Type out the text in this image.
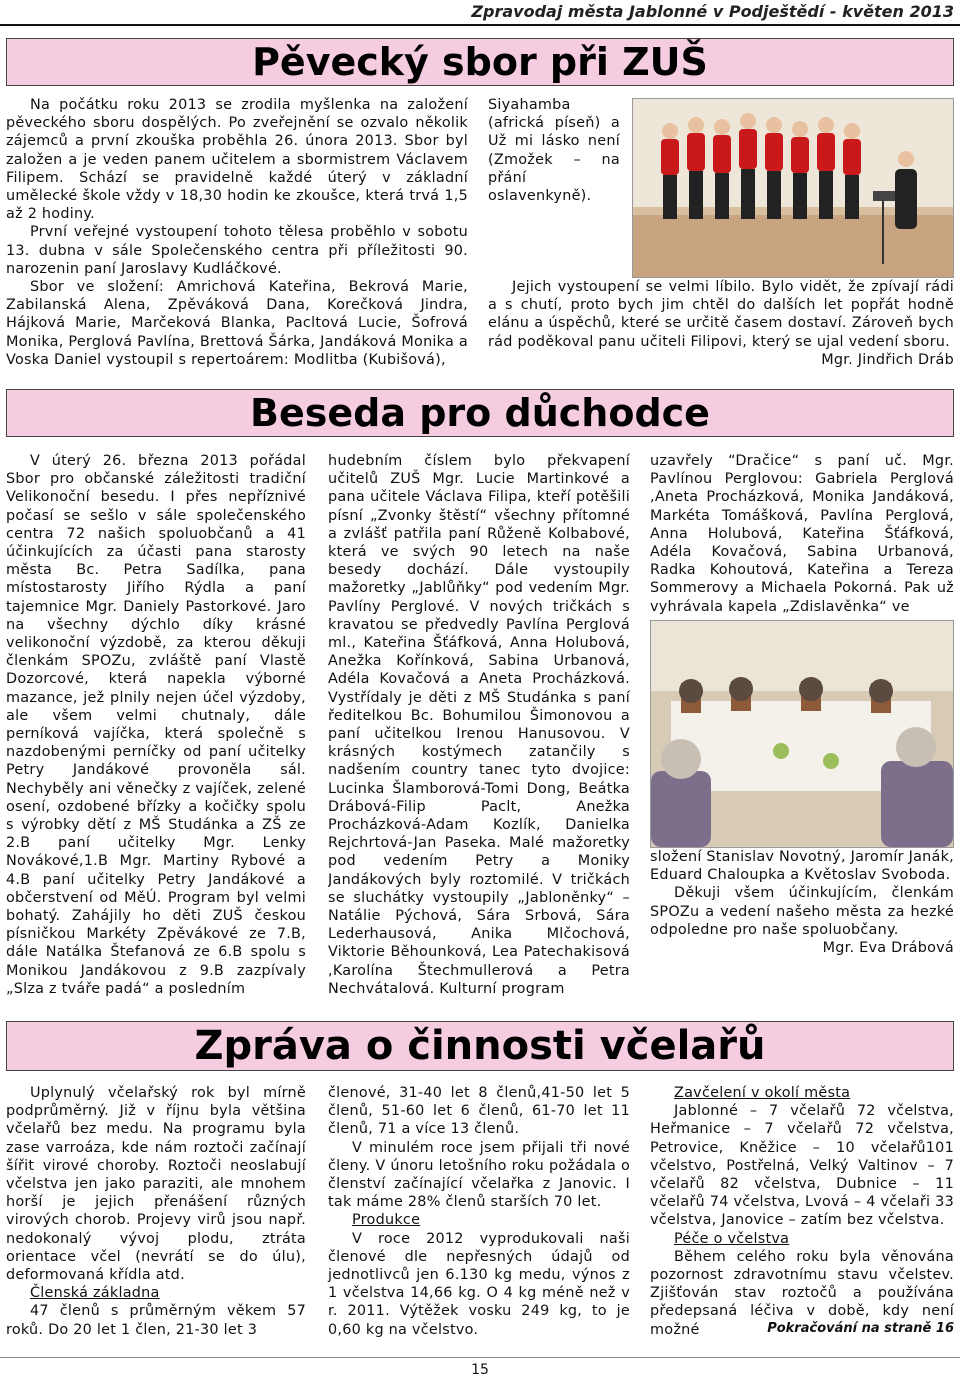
Zpravodaj města Jablonné v Podještědí - květen 2013
Pěvecký sbor při ZUŠ

Na počátku roku 2013 se zrodila myšlenka na založení pěveckého sboru dospělých. Po zveřejnění se ozvalo několik zájemců a první zkouška proběhla 26. února 2013. Sbor byl založen a je veden panem učitelem a sbormistrem Václavem Filipem. Schází se pravidelně každé úterý v základní umělecké škole vždy v 18,30 hodin ke zkoušce, která trvá 1,5 až 2 hodiny.

První veřejné vystoupení tohoto tělesa proběhlo v sobotu 13. dubna v sále Společenského centra při příležitosti 90. narozenin paní Jaroslavy Kudláčkové.

Sbor ve složení: Amrichová Kateřina, Bekrová Marie, Zabilanská Alena, Zpěváková Dana, Korečková Jindra, Hájková Marie, Marčeková Blanka, Pacltová Lucie, Šofrová Monika, Perglová Pavlína, Brettová Šárka, Jandáková Monika a Voska Daniel vystoupil s repertoárem: Modlitba (Kubišová),

Siyahamba (africká píseň) a Už mi lásko není (Zmožek – na přání oslavenkyně).

Jejich vystoupení se velmi líbilo. Bylo vidět, že zpívají rádi a s chutí, proto bych jim chtěl do dalších let popřát hodně elánu a úspěchů, které se určitě časem dostaví. Zároveň bych rád poděkoval panu učiteli Filipovi, který se ujal vedení sboru.

Mgr. Jindřich Dráb

Beseda pro důchodce

V úterý 26. března 2013 pořádal Sbor pro občanské záležitosti tradiční Velikonoční besedu. I přes nepříznivé počasí se sešlo v sále společenského centra 72 našich spoluobčanů a 41 účinkujících za účasti pana starosty města Bc. Petra Sadílka, pana místostarosty Jiřího Rýdla a paní tajemnice Mgr. Daniely Pastorkové. Jaro na všechny dýchlo díky krásné velikonoční výzdobě, za kterou děkuji členkám SPOZu, zvláště paní Vlastě Dozorcové, která napekla výborné mazance, jež plnily nejen účel výzdoby, ale všem velmi chutnaly, dále perníková vajíčka, která společně s nazdobenými perníčky od paní učitelky Petry Jandákové provoněla sál. Nechyběly ani věnečky z vajíček, zelené osení, ozdobené břízky a kočičky spolu s výrobky dětí z MŠ Studánka a ZŠ ze 2.B paní učitelky Mgr. Lenky Novákové,1.B Mgr. Martiny Rybové a 4.B paní učitelky Petry Jandákové a občerstvení od MěÚ. Program byl velmi bohatý. Zahájily ho děti ZUŠ českou písničkou Markéty Zpěvákové ze 7.B, dále Natálka Štefanová ze 6.B spolu s Monikou Jandákovou z 9.B zazpívaly „Slza z tváře padá“ a posledním

hudebním číslem bylo překvapení učitelů ZUŠ Mgr. Lucie Martinkové a pana učitele Václava Filipa, kteří potěšili písní „Zvonky štěstí“ všechny přítomné a zvlášť patřila paní Růženě Kolbabové, která ve svých 90 letech na naše besedy dochází. Dále vystoupily mažoretky „Jablůňky“ pod vedením Mgr. Pavlíny Perglové. V nových tričkách s kravatou se předvedly Pavlína Perglová ml., Kateřina Šťáfková, Anna Holubová, Anežka Kořínková, Sabina Urbanová, Adéla Kovačová a Aneta Procházková. Vystřídaly je děti z MŠ Studánka s paní ředitelkou Bc. Bohumilou Šimonovou a paní učitelkou Irenou Hanusovou. V krásných kostýmech zatančily s nadšením country tanec tyto dvojice: Lucinka Šlamborová-Tomi Dong, Beátka Drábová-Filip Paclt, Anežka Procházková-Adam Kozlík, Danielka Rejchrtová-Jan Paseka. Malé mažoretky pod vedením Petry a Moniky Jandákových byly roztomilé. V tričkách se sluchátky vystoupily „Jabloněnky“ – Natálie Pýchová, Sára Srbová, Sára Lederhausová, Anika Mlčochová, Viktorie Běhounková, Lea Patechakisová ,Karolína Štechmullerová a Petra Nechvátalová. Kulturní program

uzavřely “Dračice“ s paní uč. Mgr. Pavlínou Perglovou: Gabriela Perglová ,Aneta Procházková, Monika Jandáková, Markéta Tomášková, Pavlína Perglová, Anna Holubová, Kateřina Šťáfková, Adéla Kovačová, Sabina Urbanová, Radka Kohoutová, Kateřina a Tereza Sommerovy a Michaela Pokorná. Pak už vyhrávala kapela „Zdislavěnka“ ve

složení Stanislav Novotný, Jaromír Janák, Eduard Chaloupka a Květoslav Svoboda.

Děkuji všem účinkujícím, členkám SPOZu a vedení našeho města za hezké odpoledne pro naše spoluobčany.

Mgr. Eva Drábová

Zpráva o činnosti včelařů

Uplynulý včelařský rok byl mírně podprůměrný. Již v říjnu byla většina včelařů bez medu. Na programu byla zase varroáza, kde nám roztoči začínají šířit virové choroby. Roztoči neoslabují včelstva jen jako paraziti, ale mnohem horší je jejich přenášení různých virových chorob. Projevy virů jsou např. nedokonalý vývoj plodu, ztráta orientace včel (nevrátí se do úlu), deformovaná křídla atd.

Členská základna

47 členů s průměrným věkem 57 roků. Do 20 let 1 člen, 21-30 let 3

členové, 31-40 let 8 členů,41-50 let 5 členů, 51-60 let 6 členů, 61-70 let 11 členů, 71 a více 13 členů.

V minulém roce jsem přijali tři nové členy. V únoru letošního roku požádala o členství začínající včelařka z Janovic. I tak máme 28% členů starších 70 let.

Produkce

V roce 2012 vyprodukovali naši členové dle nepřesných údajů od jednotlivců jen 6.130 kg medu, výnos z 1 včelstva 14,66 kg. O 4 kg méně než v r. 2011. Výtěžek vosku 249 kg, to je 0,60 kg na včelstvo.

Zavčelení v okolí města

Jablonné – 7 včelařů 72 včelstva, Heřmanice – 7 včelařů 72 včelstva, Petrovice, Kněžice – 10 včelařů101 včelstvo, Postřelná, Velký Valtinov – 7 včelařů 82 včelstva, Dubnice – 11 včelařů 74 včelstva, Lvová – 4 včelaři 33 včelstva, Janovice – zatím bez včelstva.

Péče o včelstva

Během celého roku byla věnována pozornost zdravotnímu stavu včelstev. Zjišťován stav roztočů a používána předepsaná léčiva v době, kdy není možné	Pokračování na straně 16
15
